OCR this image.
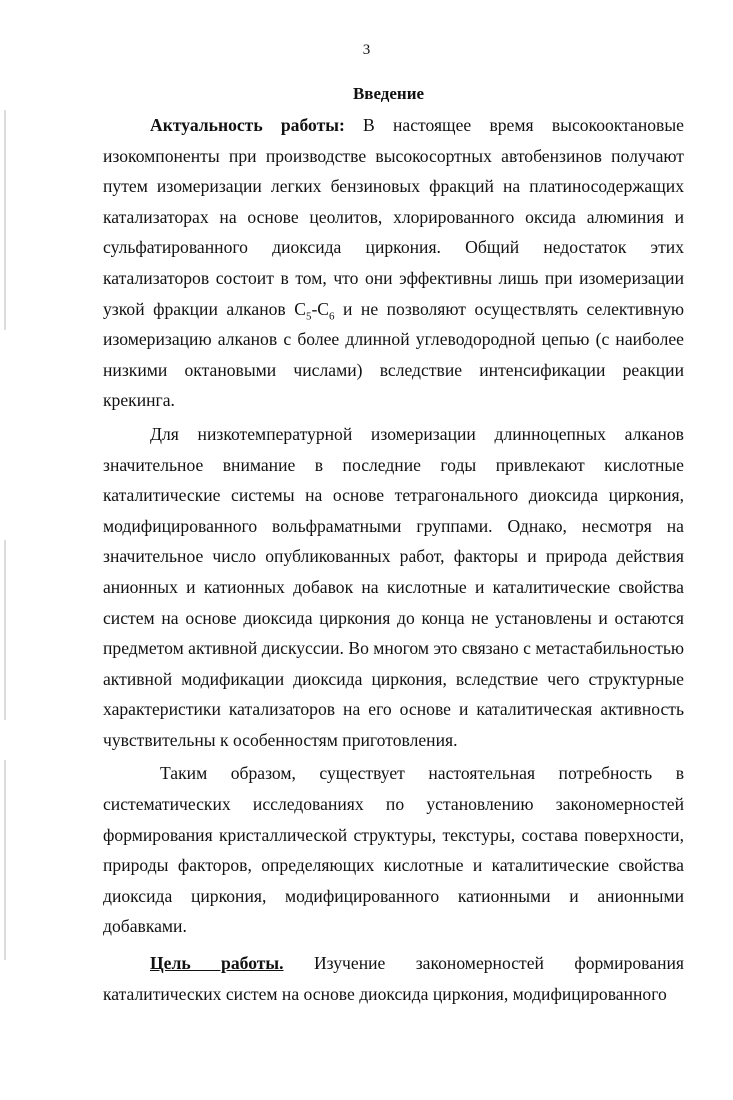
3
Введение

Актуальность работы: В настоящее время высокооктановые изокомпоненты при производстве высокосортных автобензинов получают путем изомеризации легких бензиновых фракций на платиносодержащих катализаторах на основе цеолитов, хлорированного оксида алюминия и сульфатированного диоксида циркония. Общий недостаток этих катализаторов состоит в том, что они эффективны лишь при изомеризации узкой фракции алканов $C_5-C_6$ и не позволяют осуществлять селективную изомеризацию алканов с более длинной углеводородной цепью (с наиболее низкими октановыми числами) вследствие интенсификации реакции крекинга.

Для низкотемпературной изомеризации длинноцепных алканов значительное внимание в последние годы привлекают кислотные каталитические системы на основе тетрагонального диоксида циркония, модифицированного вольфраматными группами. Однако, несмотря на значительное число опубликованных работ, факторы и природа действия анионных и катионных добавок на кислотные и каталитические свойства систем на основе диоксида циркония до конца не установлены и остаются предметом активной дискуссии. Во многом это связано с метастабильностью активной модификации диоксида циркония, вследствие чего структурные характеристики катализаторов на его основе и каталитическая активность чувствительны к особенностям приготовления.

Таким образом, существует настоятельная потребность в систематических исследованиях по установлению закономерностей формирования кристаллической структуры, текстуры, состава поверхности, природы факторов, определяющих кислотные и каталитические свойства диоксида циркония, модифицированного катионными и анионными добавками.

Цель работы. Изучение закономерностей формирования каталитических систем на основе диоксида циркония, модифицированного
